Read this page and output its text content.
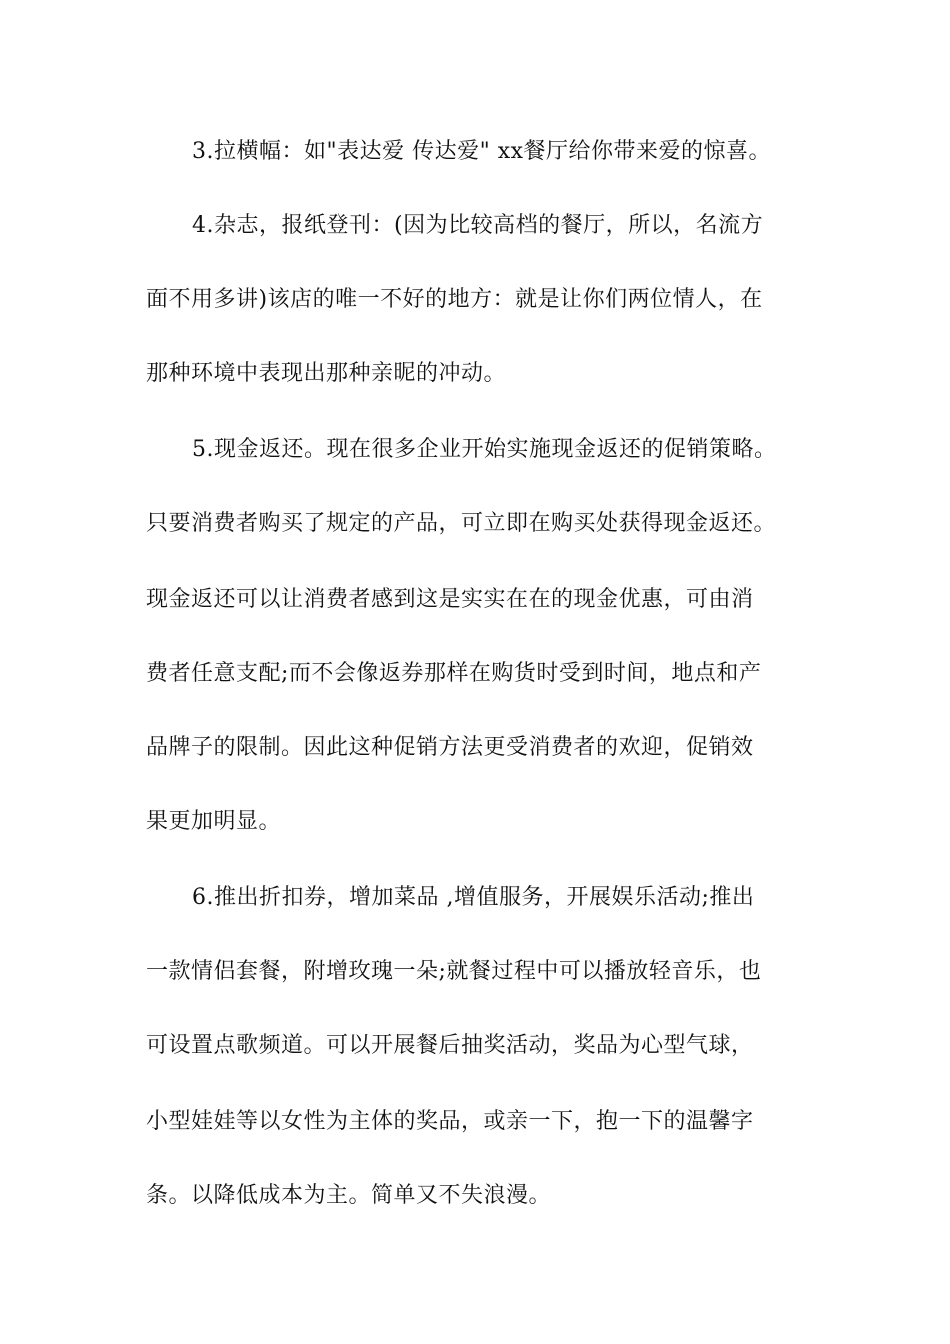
3.拉横幅：如"表达爱 传达爱" xx餐厅给你带来爱的惊喜。
4.杂志，报纸登刊：(因为比较高档的餐厅，所以，名流方
面不用多讲)该店的唯一不好的地方：就是让你们两位情人，在
那种环境中表现出那种亲昵的冲动。
5.现金返还。现在很多企业开始实施现金返还的促销策略。
只要消费者购买了规定的产品，可立即在购买处获得现金返还。
现金返还可以让消费者感到这是实实在在的现金优惠，可由消
费者任意支配;而不会像返券那样在购货时受到时间，地点和产
品牌子的限制。因此这种促销方法更受消费者的欢迎，促销效
果更加明显。
6.推出折扣券，增加菜品 ,增值服务，开展娱乐活动;推出
一款情侣套餐，附增玫瑰一朵;就餐过程中可以播放轻音乐，也
可设置点歌频道。可以开展餐后抽奖活动，奖品为心型气球，
小型娃娃等以女性为主体的奖品，或亲一下，抱一下的温馨字
条。以降低成本为主。简单又不失浪漫。
